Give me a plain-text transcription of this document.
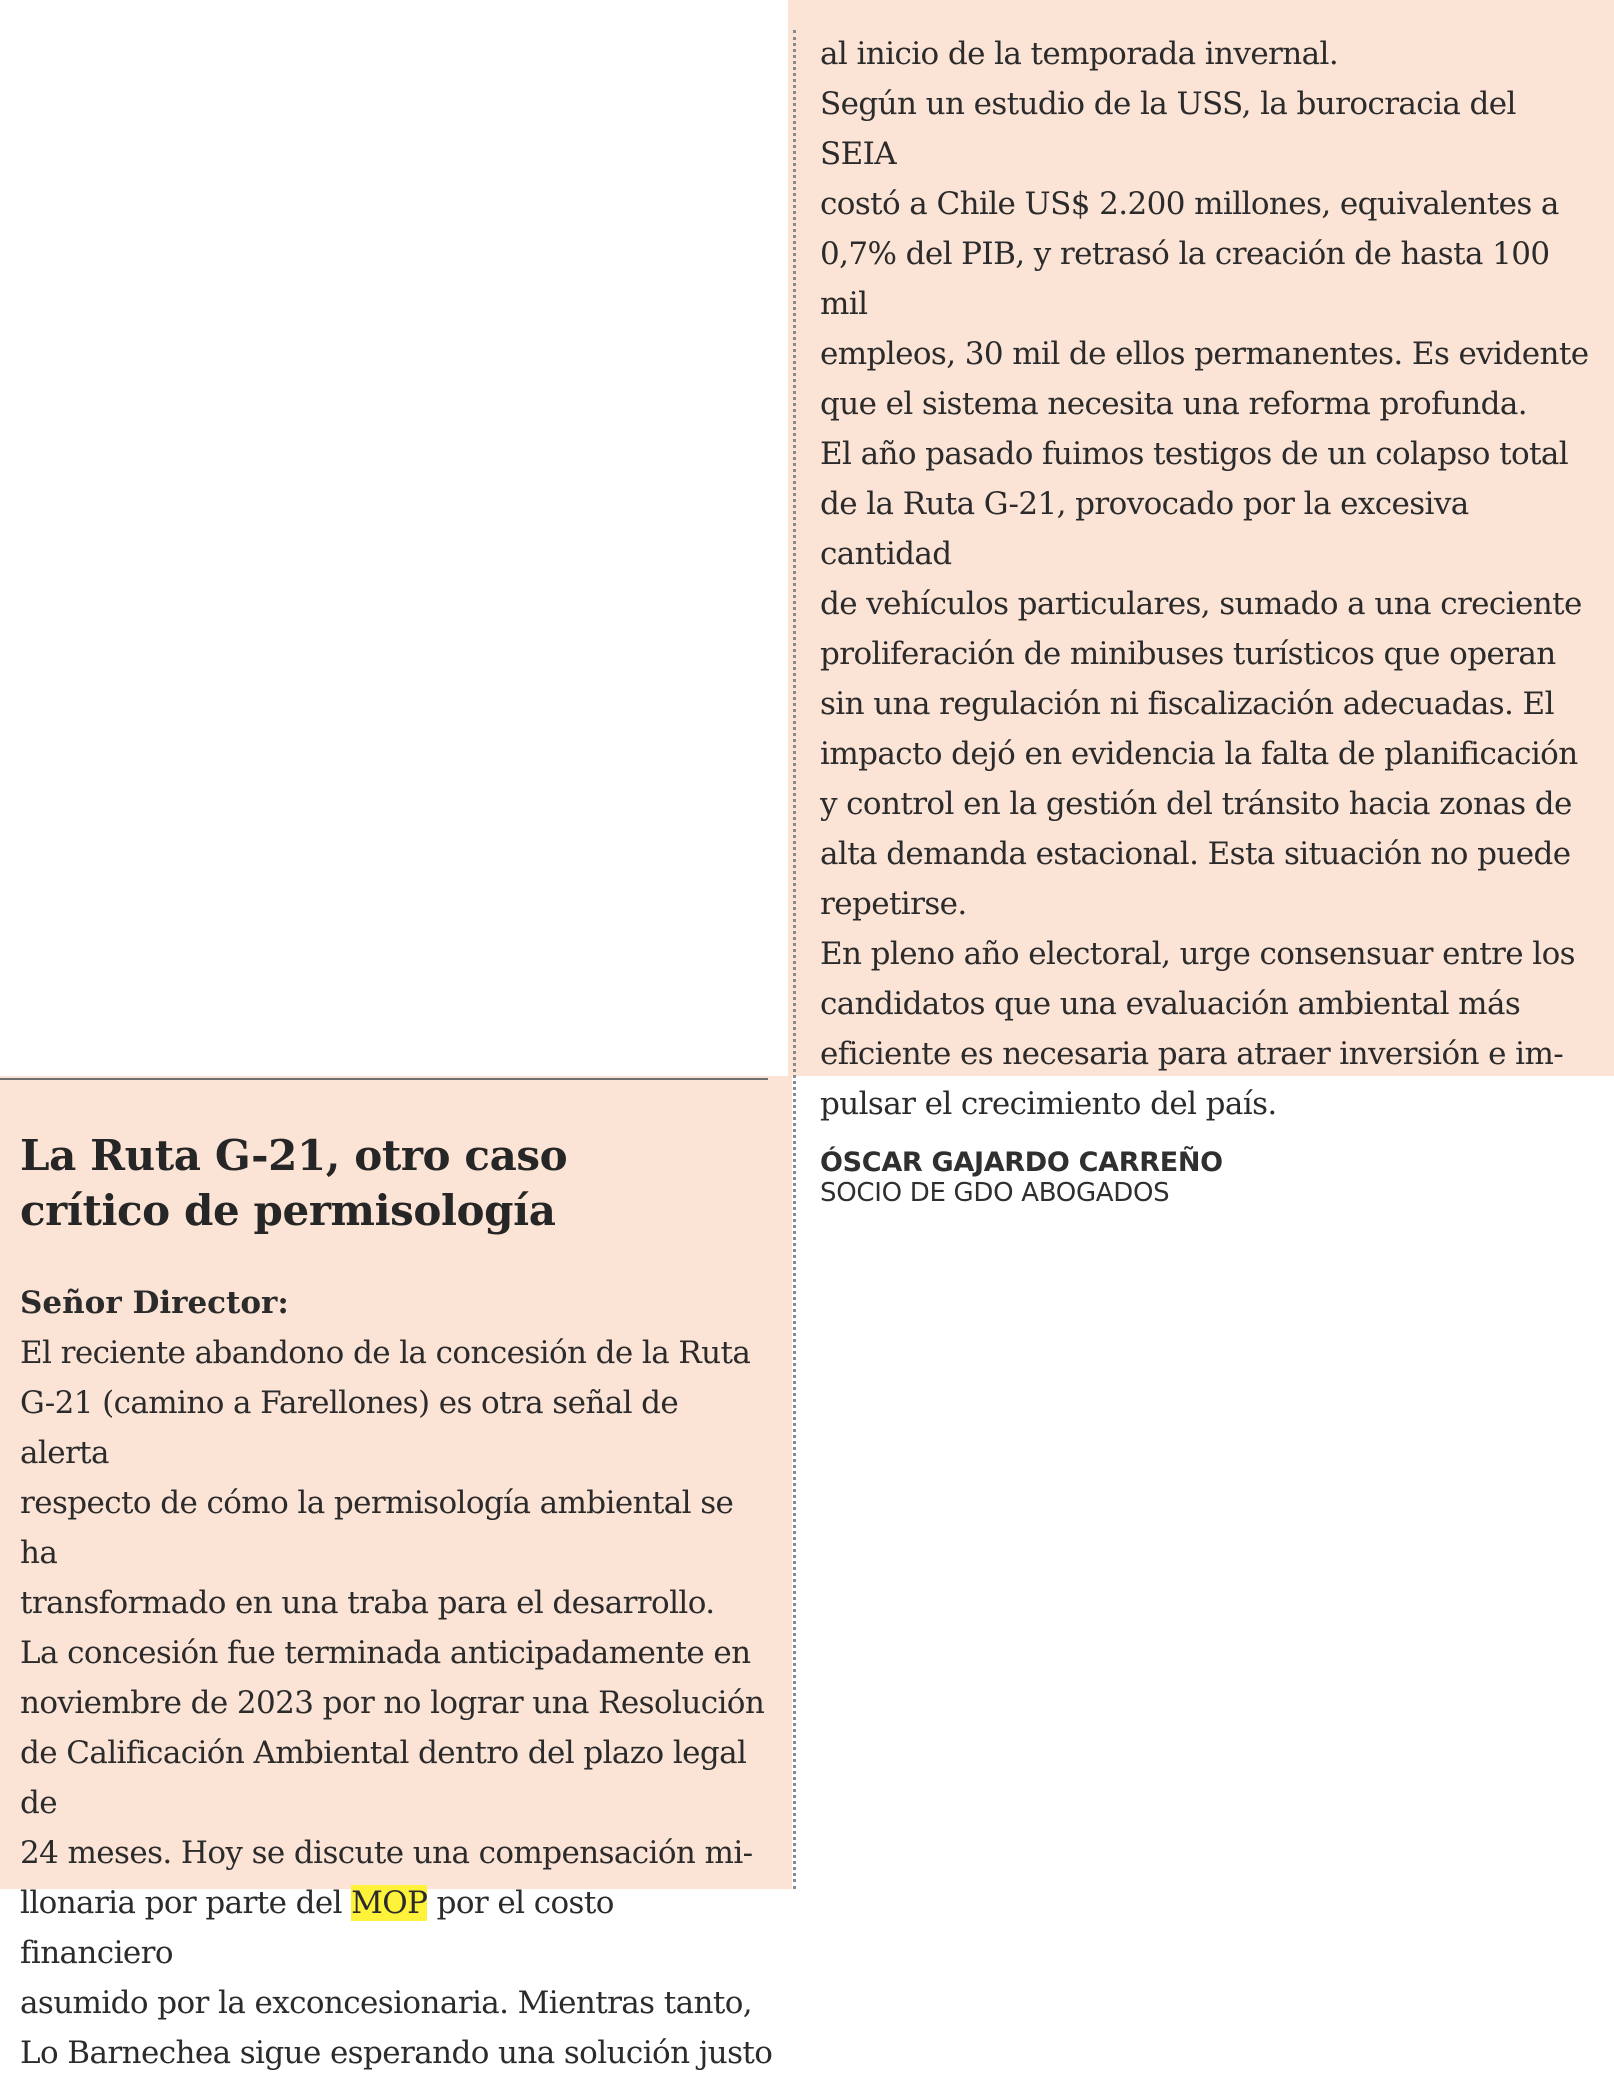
al inicio de la temporada invernal.

Según un estudio de la USS, la burocracia del SEIA
costó a Chile US$ 2.200 millones, equivalentes a
0,7% del PIB, y retrasó la creación de hasta 100 mil
empleos, 30 mil de ellos permanentes. Es evidente
que el sistema necesita una reforma profunda.

El año pasado fuimos testigos de un colapso total
de la Ruta G-21, provocado por la excesiva cantidad
de vehículos particulares, sumado a una creciente
proliferación de minibuses turísticos que operan
sin una regulación ni fiscalización adecuadas. El
impacto dejó en evidencia la falta de planificación
y control en la gestión del tránsito hacia zonas de
alta demanda estacional. Esta situación no puede
repetirse.

En pleno año electoral, urge consensuar entre los
candidatos que una evaluación ambiental más
eficiente es necesaria para atraer inversión e im-
pulsar el crecimiento del país.

ÓSCAR GAJARDO CARREÑO
SOCIO DE GDO ABOGADOS
La Ruta G-21, otro caso
crítico de permisología

Señor Director:

El reciente abandono de la concesión de la Ruta
G-21 (camino a Farellones) es otra señal de alerta
respecto de cómo la permisología ambiental se ha
transformado en una traba para el desarrollo.

La concesión fue terminada anticipadamente en
noviembre de 2023 por no lograr una Resolución
de Calificación Ambiental dentro del plazo legal de
24 meses. Hoy se discute una compensación mi-
llonaria por parte del MOP por el costo financiero
asumido por la exconcesionaria. Mientras tanto,
Lo Barnechea sigue esperando una solución justo
